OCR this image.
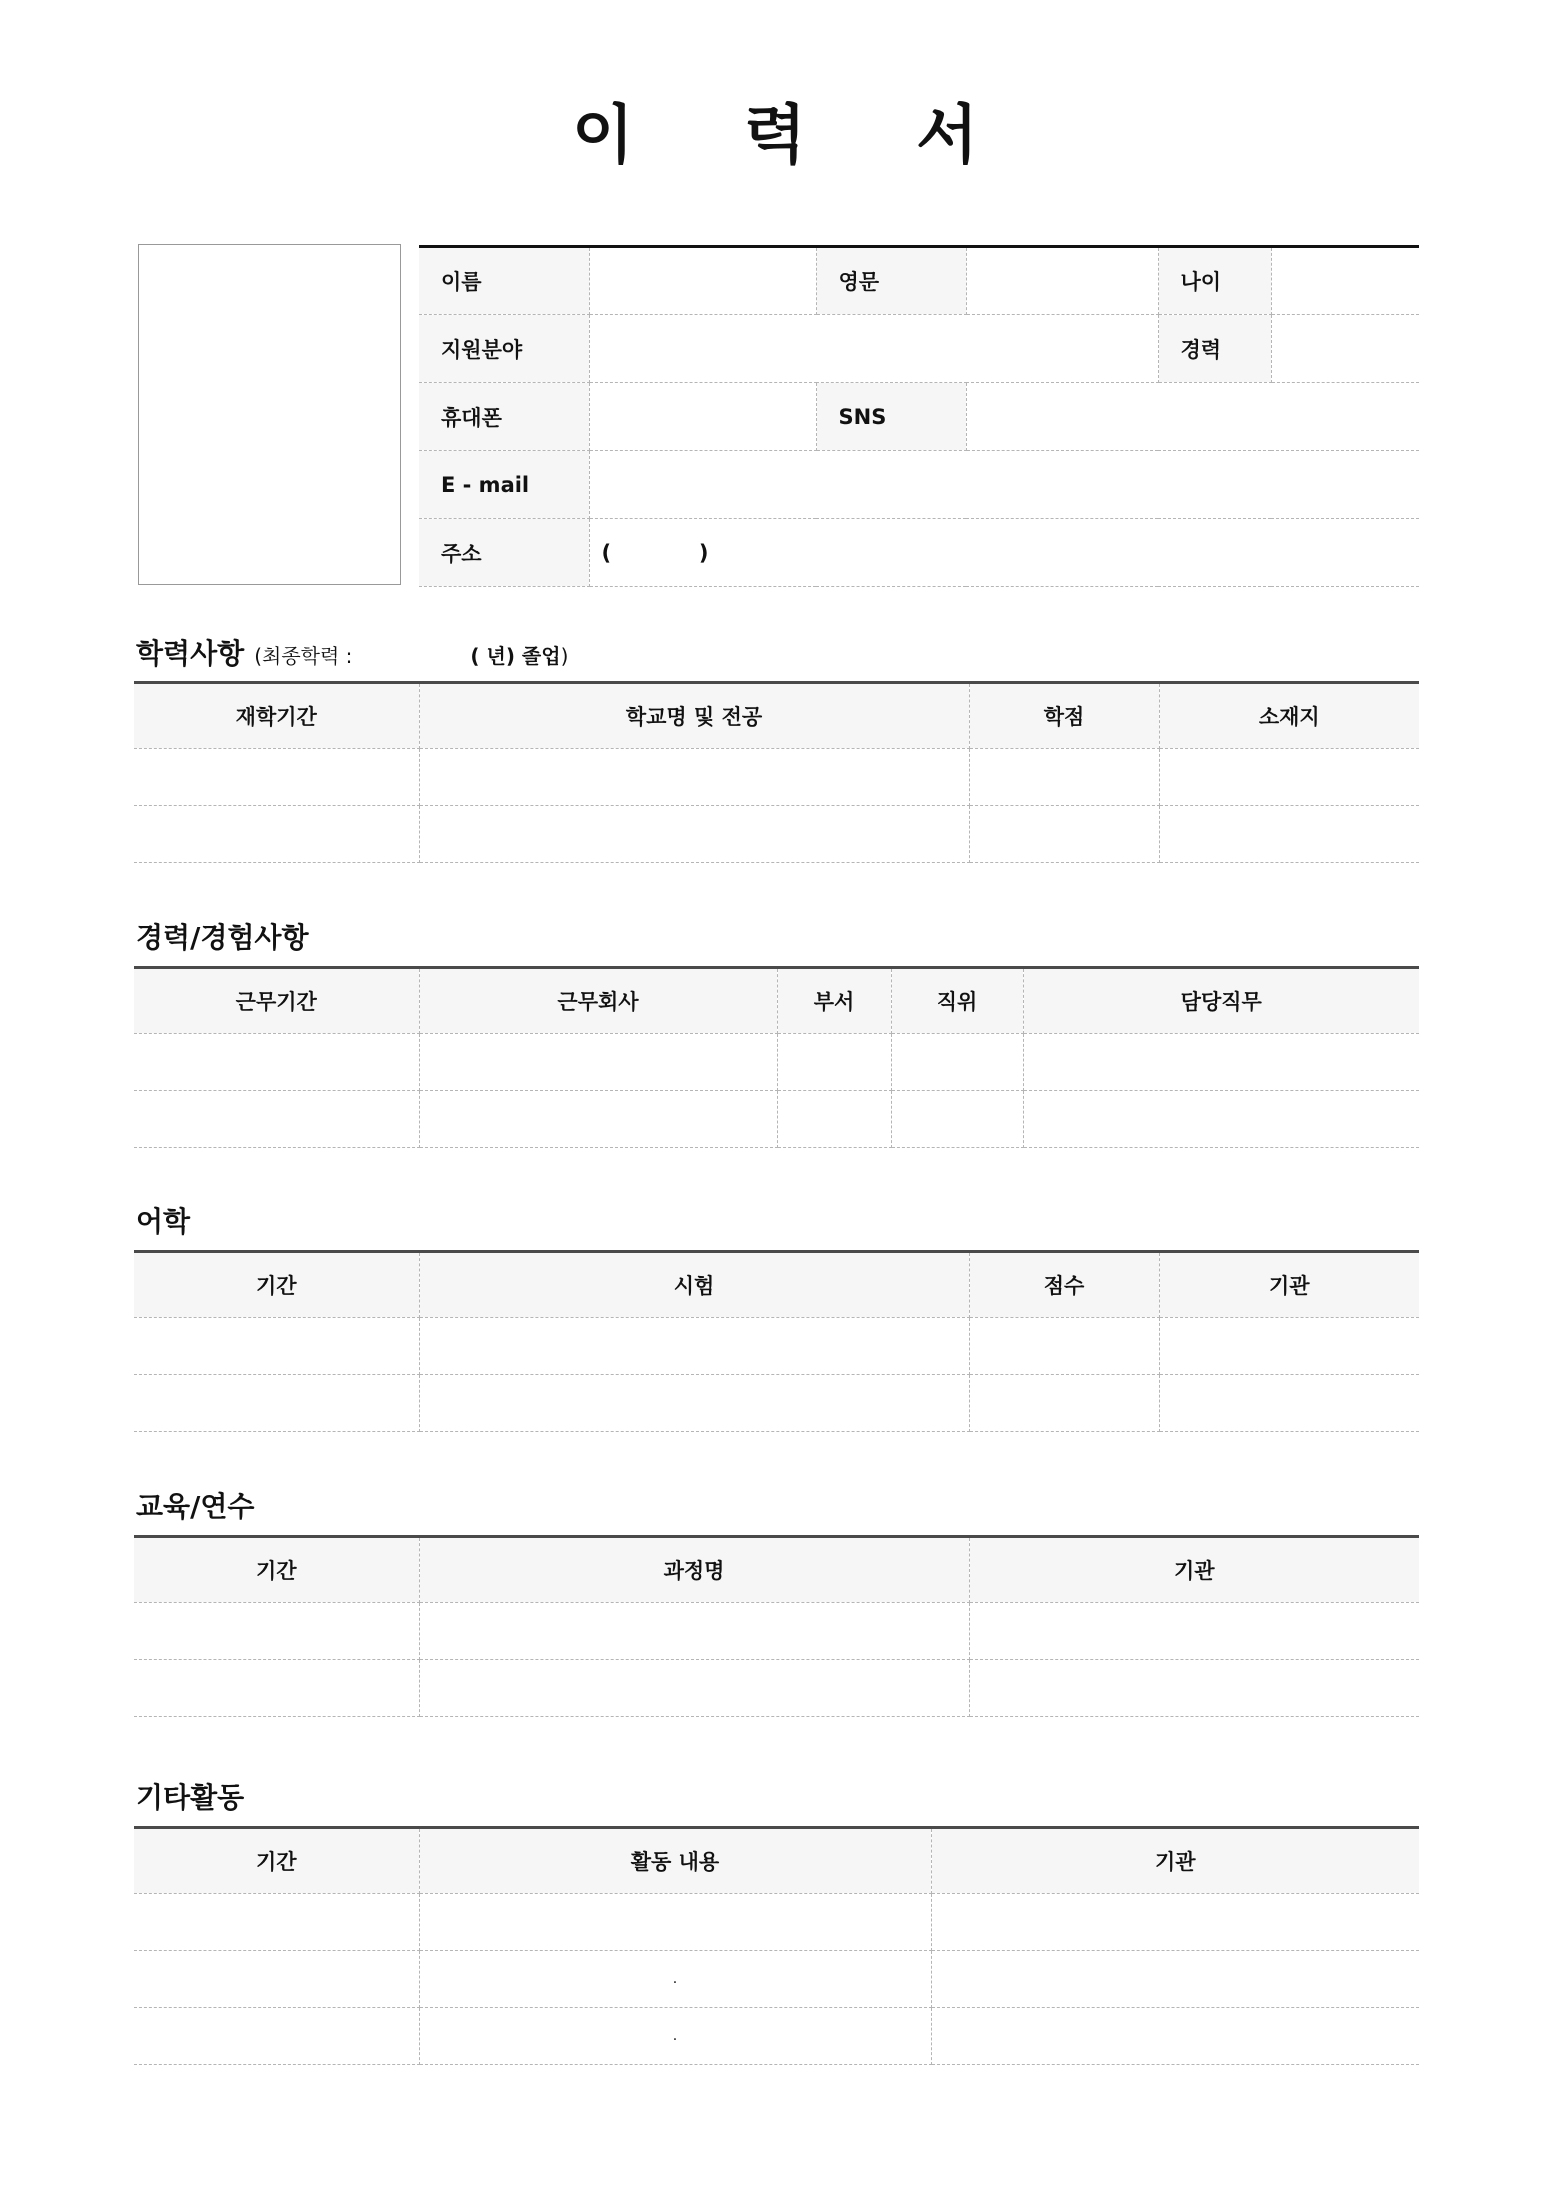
이 력 서
이름		영문		나이	
지원분야				경력	
휴대폰		SNS			
E - mail					
주소	(            )				
학력사항 (최종학력 :	( 년) 졸업)
재학기간	학교명 및 전공	학점	소재지

경력/경험사항
근무기간	근무회사	부서	직위	담당직무

어학
기간	시험	점수	기관

교육/연수
기간	과정명	기관

기타활동
기간	활동 내용	기관

	.	
	.	
